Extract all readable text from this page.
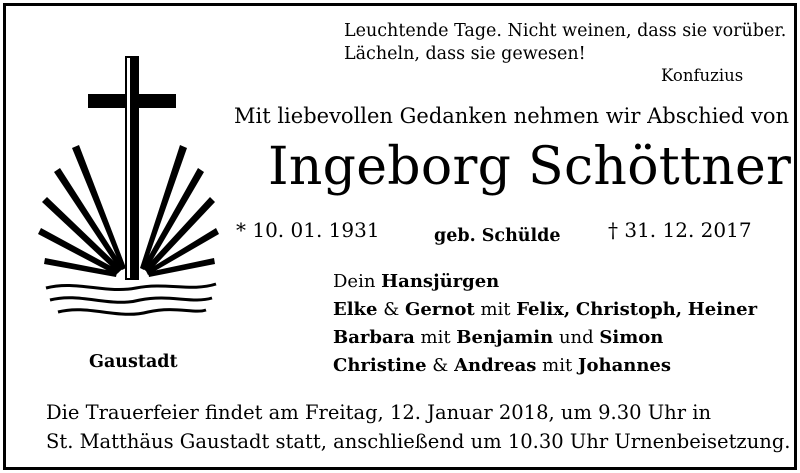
Leuchtende Tage. Nicht weinen, dass sie vorüber.
Lächeln, dass sie gewesen!
Konfuzius
Mit liebevollen Gedanken nehmen wir Abschied von
Ingeborg Schöttner
* 10. 01. 1931	geb. Schülde † 31. 12. 2017
Dein Hansjürgen
Elke & Gernot mit Felix, Christoph, Heiner
Barbara mit Benjamin und Simon
Christine & Andreas mit Johannes
Gaustadt
Die Trauerfeier findet am Freitag, 12. Januar 2018, um 9.30 Uhr in
St. Matthäus Gaustadt statt, anschließend um 10.30 Uhr Urnenbeisetzung.
